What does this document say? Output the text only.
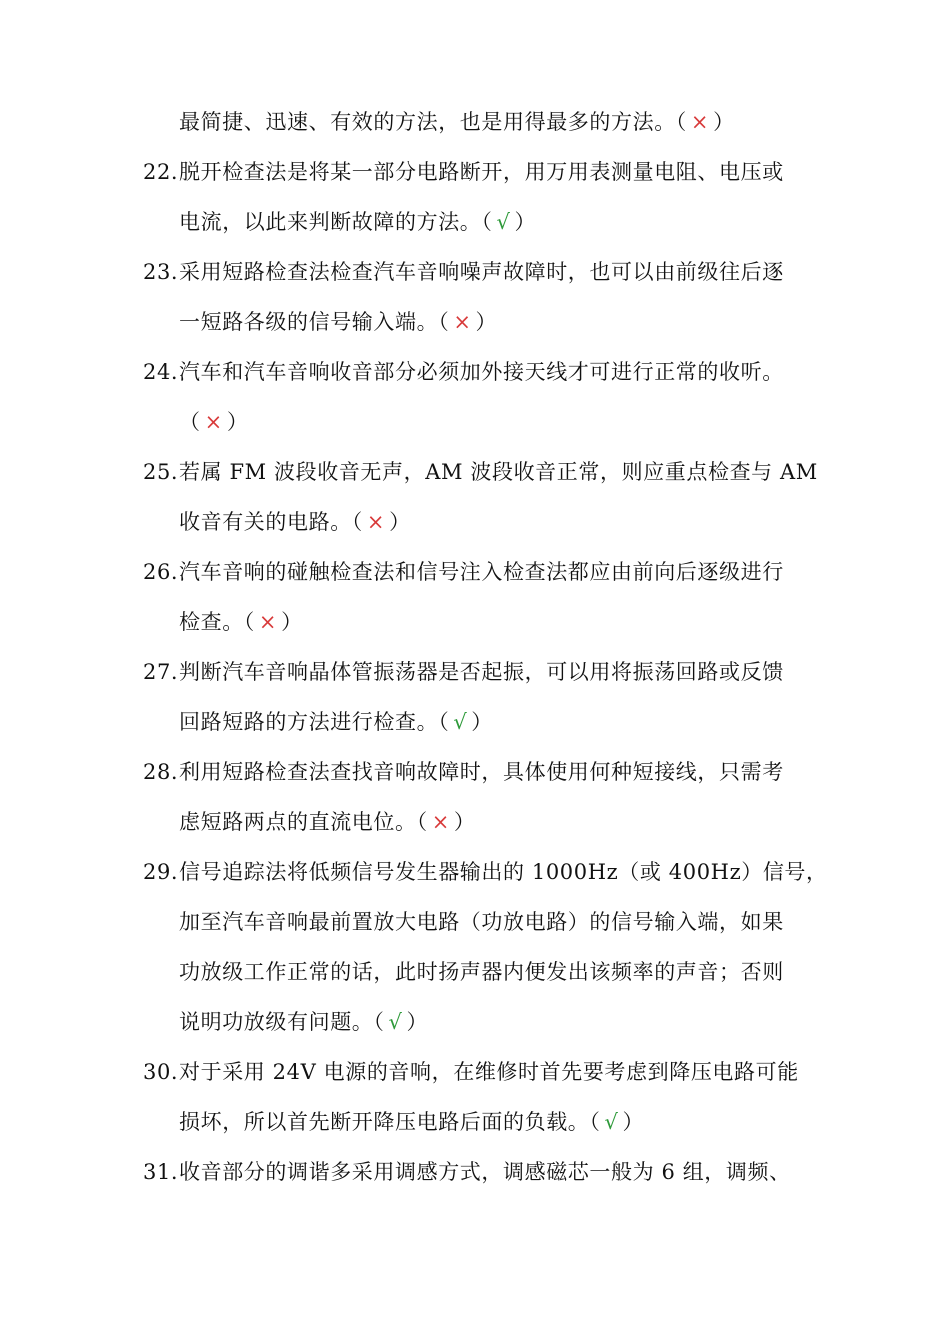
最简捷、迅速、有效的方法，也是用得最多的方法。（ × ）
22.脱开检查法是将某一部分电路断开，用万用表测量电阻、电压或
电流，以此来判断故障的方法。（ √ ）
23.采用短路检查法检查汽车音响噪声故障时，也可以由前级往后逐
一短路各级的信号输入端。（ × ）
24.汽车和汽车音响收音部分必须加外接天线才可进行正常的收听。
（ × ）
25.若属 FM 波段收音无声，AM 波段收音正常，则应重点检查与 AM
收音有关的电路。（ × ）
26.汽车音响的碰触检查法和信号注入检查法都应由前向后逐级进行
检查。（ × ）
27.判断汽车音响晶体管振荡器是否起振，可以用将振荡回路或反馈
回路短路的方法进行检查。（ √ ）
28.利用短路检查法查找音响故障时，具体使用何种短接线，只需考
虑短路两点的直流电位。（ × ）
29.信号追踪法将低频信号发生器输出的 1000Hz（或 400Hz）信号，
加至汽车音响最前置放大电路（功放电路）的信号输入端，如果
功放级工作正常的话，此时扬声器内便发出该频率的声音；否则
说明功放级有问题。（ √ ）
30.对于采用 24V 电源的音响，在维修时首先要考虑到降压电路可能
损坏，所以首先断开降压电路后面的负载。（ √ ）
31.收音部分的调谐多采用调感方式，调感磁芯一般为 6 组，调频、
